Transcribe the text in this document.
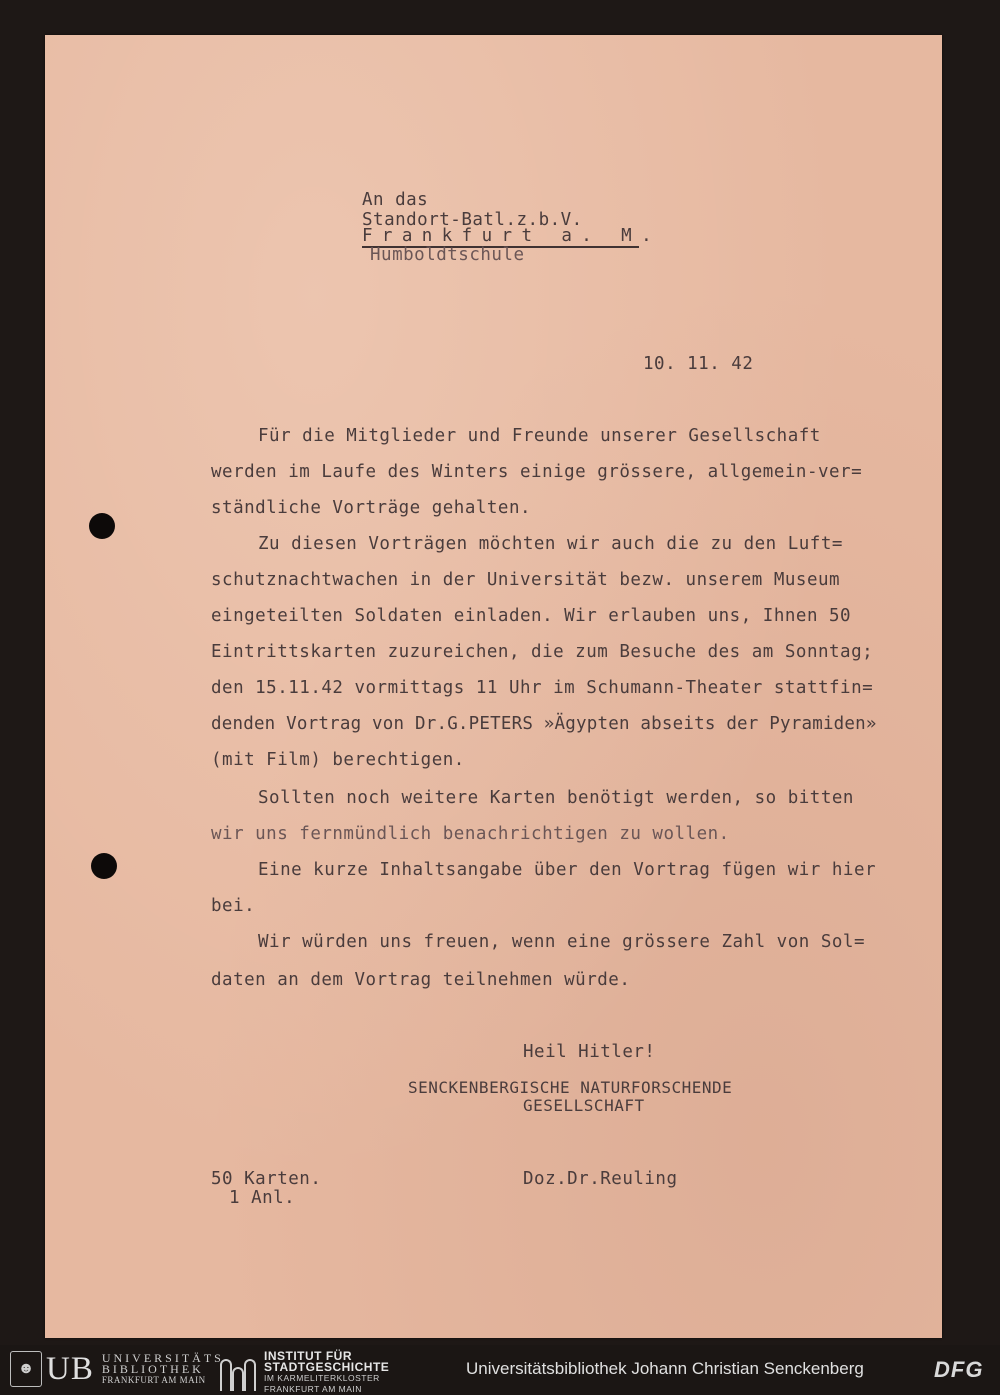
An das
Standort-Batl.z.b.V.
Frankfurt a. M.
Humboldtschule
10. 11. 42
Für die Mitglieder und Freunde unserer Gesellschaft
werden im Laufe des Winters einige grössere, allgemein-ver=
ständliche Vorträge gehalten.
Zu diesen Vorträgen möchten wir auch die zu den Luft=
schutznachtwachen in der Universität bezw. unserem Museum
eingeteilten Soldaten einladen. Wir erlauben uns, Ihnen 50
Eintrittskarten zuzureichen, die zum Besuche des am Sonntag;
den 15.11.42 vormittags 11 Uhr im Schumann-Theater stattfin=
denden Vortrag von Dr.G.PETERS »Ägypten abseits der Pyramiden»
(mit Film) berechtigen.
Sollten noch weitere Karten benötigt werden, so bitten
wir uns fernmündlich benachrichtigen zu wollen.
Eine kurze Inhaltsangabe über den Vortrag fügen wir hier
bei.
Wir würden uns freuen, wenn eine grössere Zahl von Sol=
daten an dem Vortrag teilnehmen würde.
Heil Hitler!
SENCKENBERGISCHE NATURFORSCHENDE
GESELLSCHAFT
50 Karten.
1 Anl.
Doz.Dr.Reuling
☻ UB UNIVERSITÄTS
BIBLIOTHEK
FRANKFURT AM MAIN
INSTITUT FÜR
STADTGESCHICHTE
IM KARMELITERKLOSTER
FRANKFURT AM MAIN
Universitätsbibliothek Johann Christian Senckenberg	DFG
